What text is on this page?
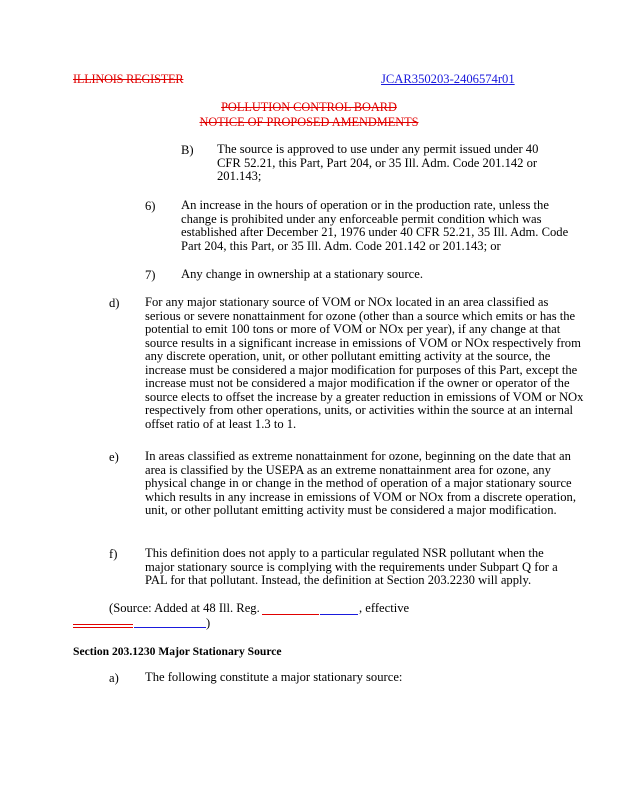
ILLINOIS REGISTER	JCAR350203-2406574r01
POLLUTION CONTROL BOARD
NOTICE OF PROPOSED AMENDMENTS
B) The source is approved to use under any permit issued under 40 CFR 52.21, this Part, Part 204, or 35 Ill. Adm. Code 201.142 or 201.143;
6) An increase in the hours of operation or in the production rate, unless the change is prohibited under any enforceable permit condition which was established after December 21, 1976 under 40 CFR 52.21, 35 Ill. Adm. Code Part 204, this Part, or 35 Ill. Adm. Code 201.142 or 201.143; or
7) Any change in ownership at a stationary source.
d) For any major stationary source of VOM or NOx located in an area classified as serious or severe nonattainment for ozone (other than a source which emits or has the potential to emit 100 tons or more of VOM or NOx per year), if any change at that source results in a significant increase in emissions of VOM or NOx respectively from any discrete operation, unit, or other pollutant emitting activity at the source, the increase must be considered a major modification for purposes of this Part, except the increase must not be considered a major modification if the owner or operator of the source elects to offset the increase by a greater reduction in emissions of VOM or NOx respectively from other operations, units, or activities within the source at an internal offset ratio of at least 1.3 to 1.
e) In areas classified as extreme nonattainment for ozone, beginning on the date that an area is classified by the USEPA as an extreme nonattainment area for ozone, any physical change in or change in the method of operation of a major stationary source which results in any increase in emissions of VOM or NOx from a discrete operation, unit, or other pollutant emitting activity must be considered a major modification.
f) This definition does not apply to a particular regulated NSR pollutant when the major stationary source is complying with the requirements under Subpart Q for a PAL for that pollutant. Instead, the definition at Section 203.2230 will apply.
(Source: Added at 48 Ill. Reg.	, effective
)
Section 203.1230 Major Stationary Source
a) The following constitute a major stationary source:
